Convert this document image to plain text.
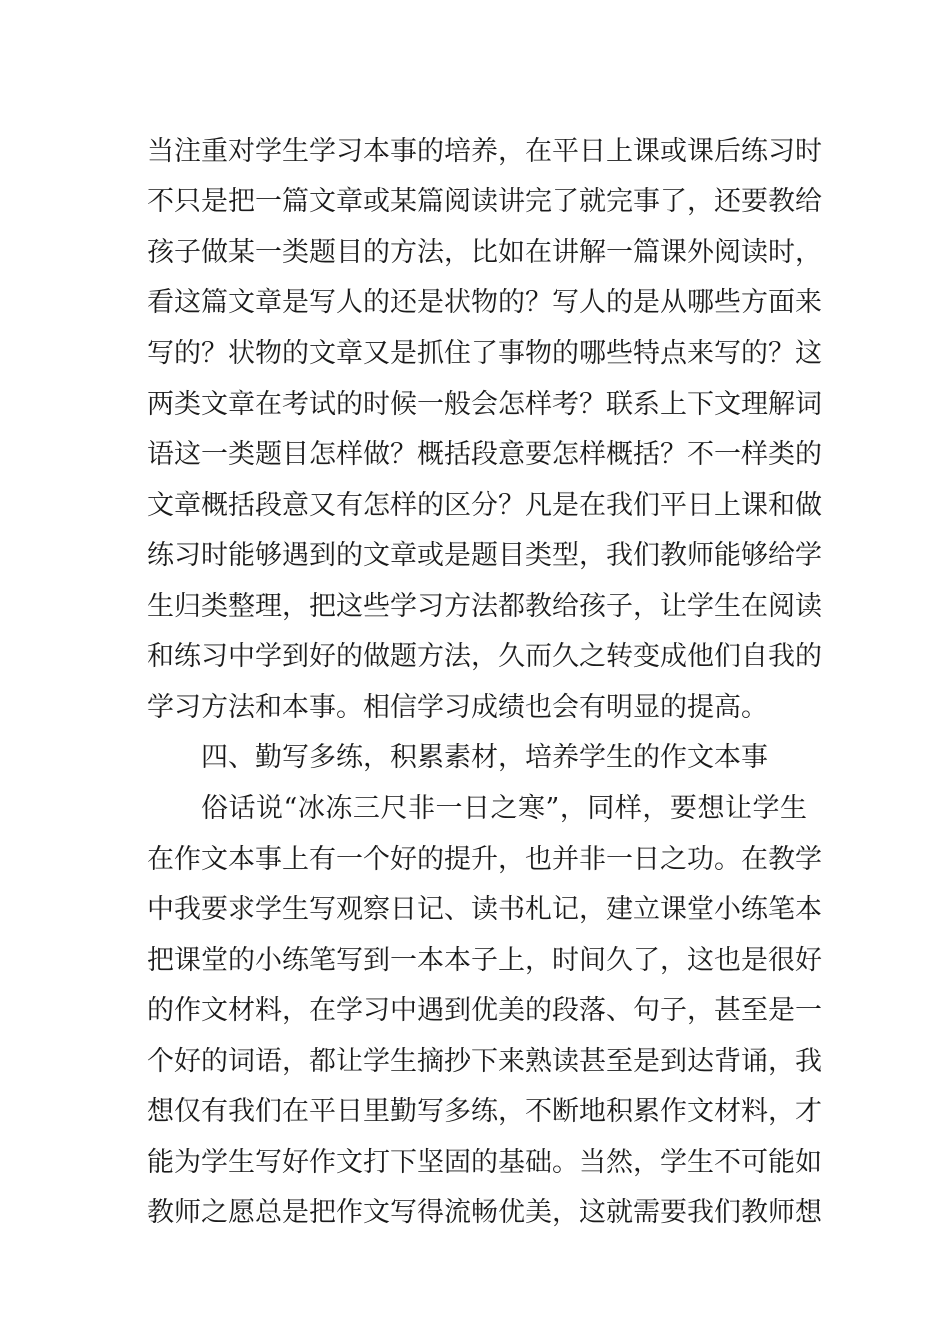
当注重对学生学习本事的培养，在平日上课或课后练习时
不只是把一篇文章或某篇阅读讲完了就完事了，还要教给
孩子做某一类题目的方法，比如在讲解一篇课外阅读时，
看这篇文章是写人的还是状物的？写人的是从哪些方面来
写的？状物的文章又是抓住了事物的哪些特点来写的？这
两类文章在考试的时候一般会怎样考？联系上下文理解词
语这一类题目怎样做？概括段意要怎样概括？不一样类的
文章概括段意又有怎样的区分？凡是在我们平日上课和做
练习时能够遇到的文章或是题目类型，我们教师能够给学
生归类整理，把这些学习方法都教给孩子，让学生在阅读
和练习中学到好的做题方法，久而久之转变成他们自我的
学习方法和本事。相信学习成绩也会有明显的提高。
四、勤写多练，积累素材，培养学生的作文本事
俗话说“冰冻三尺非一日之寒”，同样，要想让学生
在作文本事上有一个好的提升，也并非一日之功。在教学
中我要求学生写观察日记、读书札记，建立课堂小练笔本
把课堂的小练笔写到一本本子上，时间久了，这也是很好
的作文材料，在学习中遇到优美的段落、句子，甚至是一
个好的词语，都让学生摘抄下来熟读甚至是到达背诵，我
想仅有我们在平日里勤写多练，不断地积累作文材料，才
能为学生写好作文打下坚固的基础。当然，学生不可能如
教师之愿总是把作文写得流畅优美，这就需要我们教师想
